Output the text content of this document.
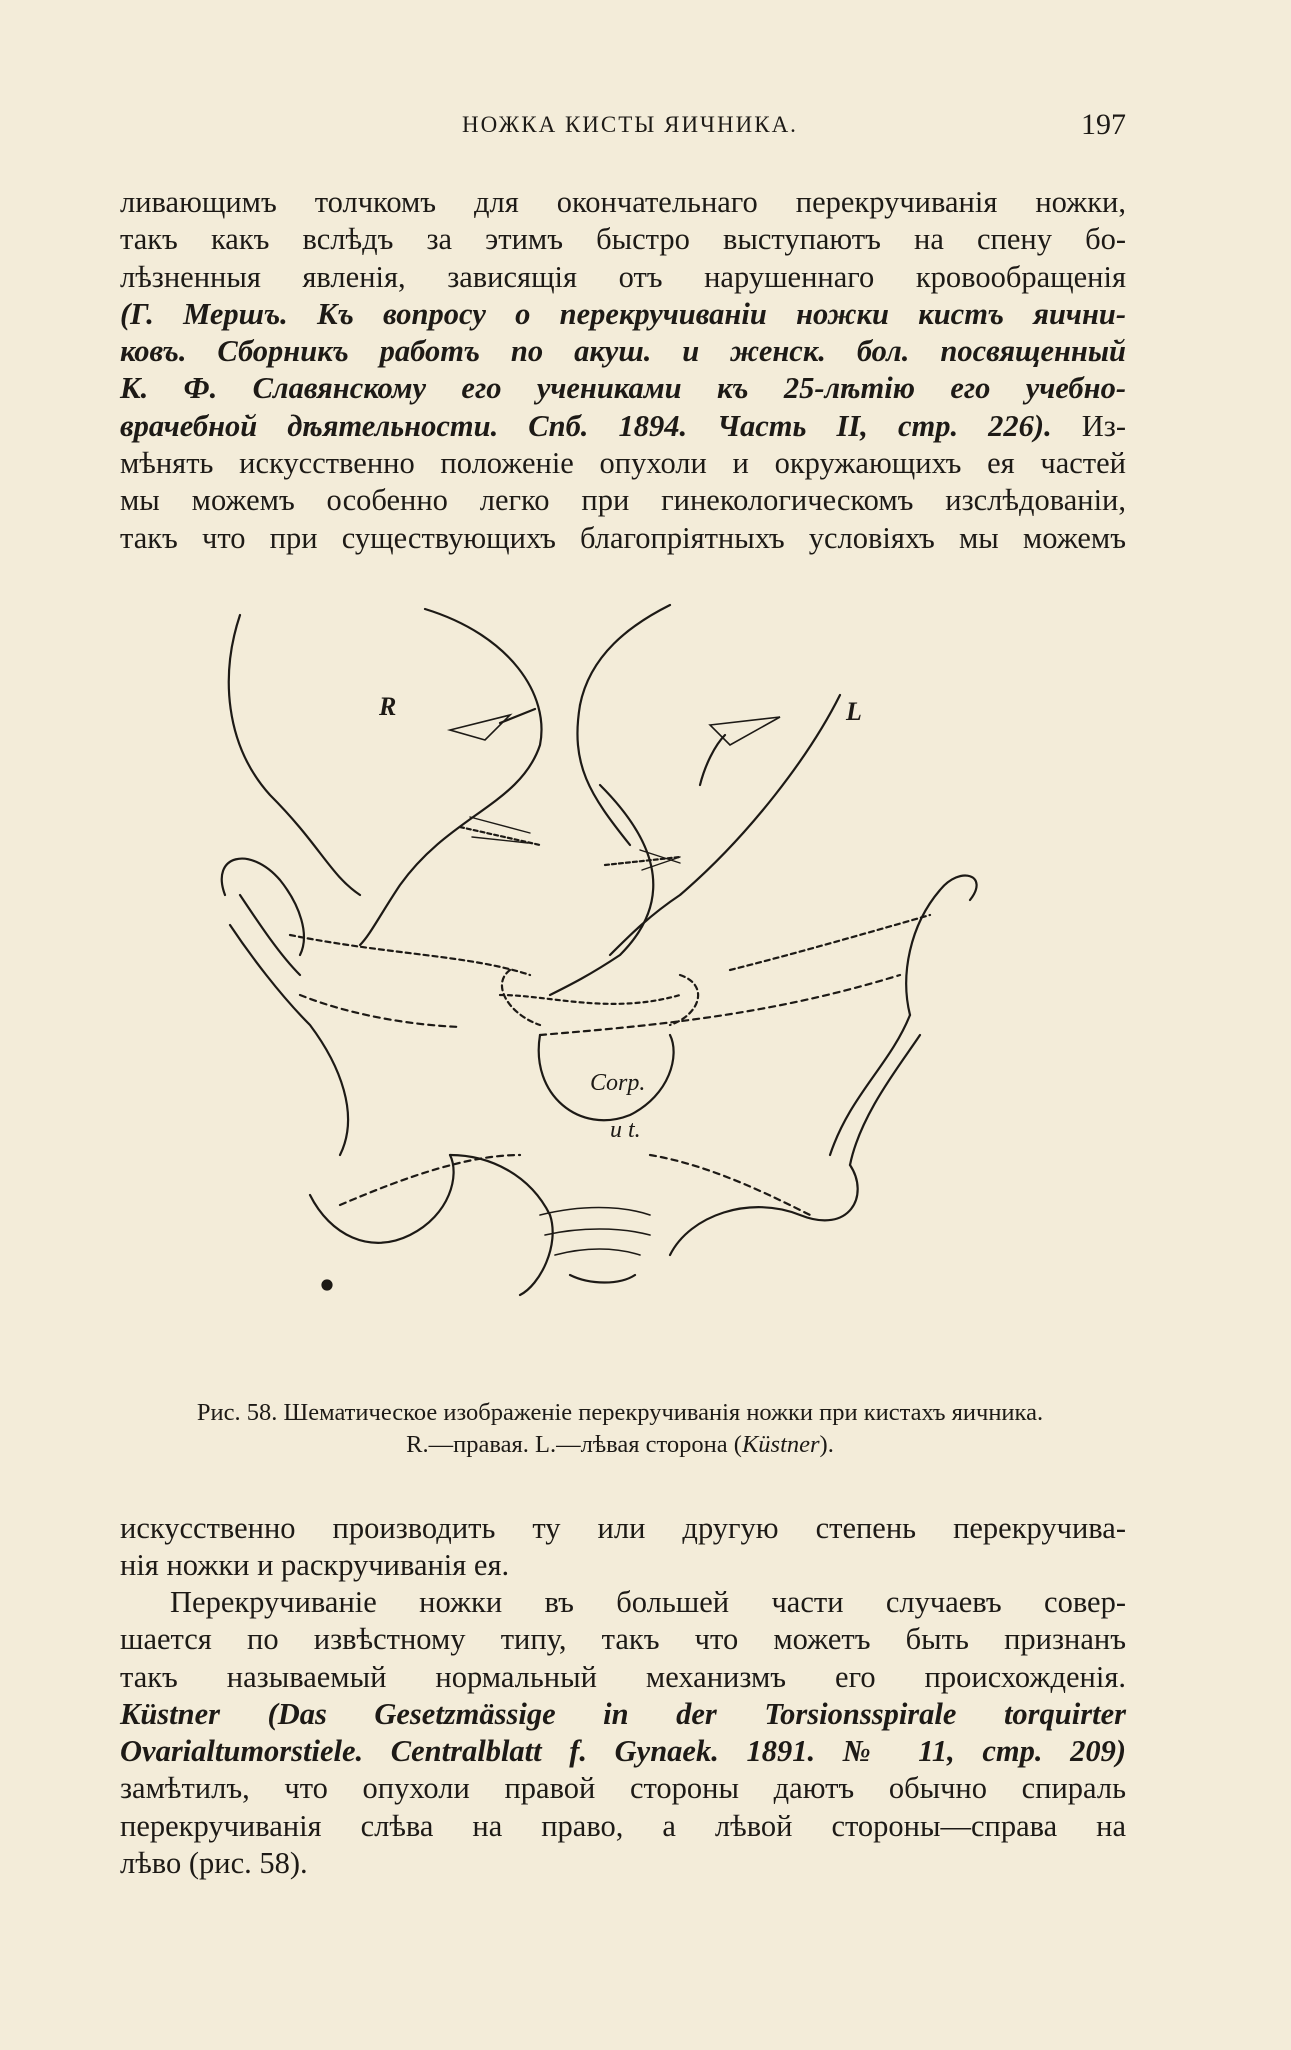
НОЖКА КИСТЫ ЯИЧНИКА.	197
ливающимъ толчкомъ для окончательнаго перекручиванія ножки,
такъ какъ вслѣдъ за этимъ быстро выступаютъ на спену бо-
лѣзненныя явленія, зависящія отъ нарушеннаго кровообращенія
(Г. Мершъ. Къ вопросу о перекручиваніи ножки кистъ яични-
ковъ. Сборникъ работъ по акуш. и женск. бол. посвященный
К. Ф. Славянскому его учениками къ 25-лѣтію его учебно-
врачебной дѣятельности. Спб. 1894. Часть II, стр. 226). Из-
мѣнять искусственно положеніе опухоли и окружающихъ ея частей
мы можемъ особенно легко при гинекологическомъ изслѣдованіи,
такъ что при существующихъ благопріятныхъ условіяхъ мы можемъ
R	L
Corp.
u t.
Рис. 58. Шематическое изображеніе перекручиванія ножки при кистахъ яичника.
R.—правая. L.—лѣвая сторона (Küstner).
искусственно производить ту или другую степень перекручива-
нія ножки и раскручиванія ея.
Перекручиваніе ножки въ большей части случаевъ совер-
шается по извѣстному типу, такъ что можетъ быть признанъ
такъ называемый нормальный механизмъ его происхожденія.
Küstner (Das Gesetzmässige in der Torsionsspirale torquirter
Ovarialtumorstiele. Centralblatt f. Gynaek. 1891. № 11, стр. 209)
замѣтилъ, что опухоли правой стороны даютъ обычно спираль
перекручиванія слѣва на право, а лѣвой стороны—справа на
лѣво (рис. 58).
